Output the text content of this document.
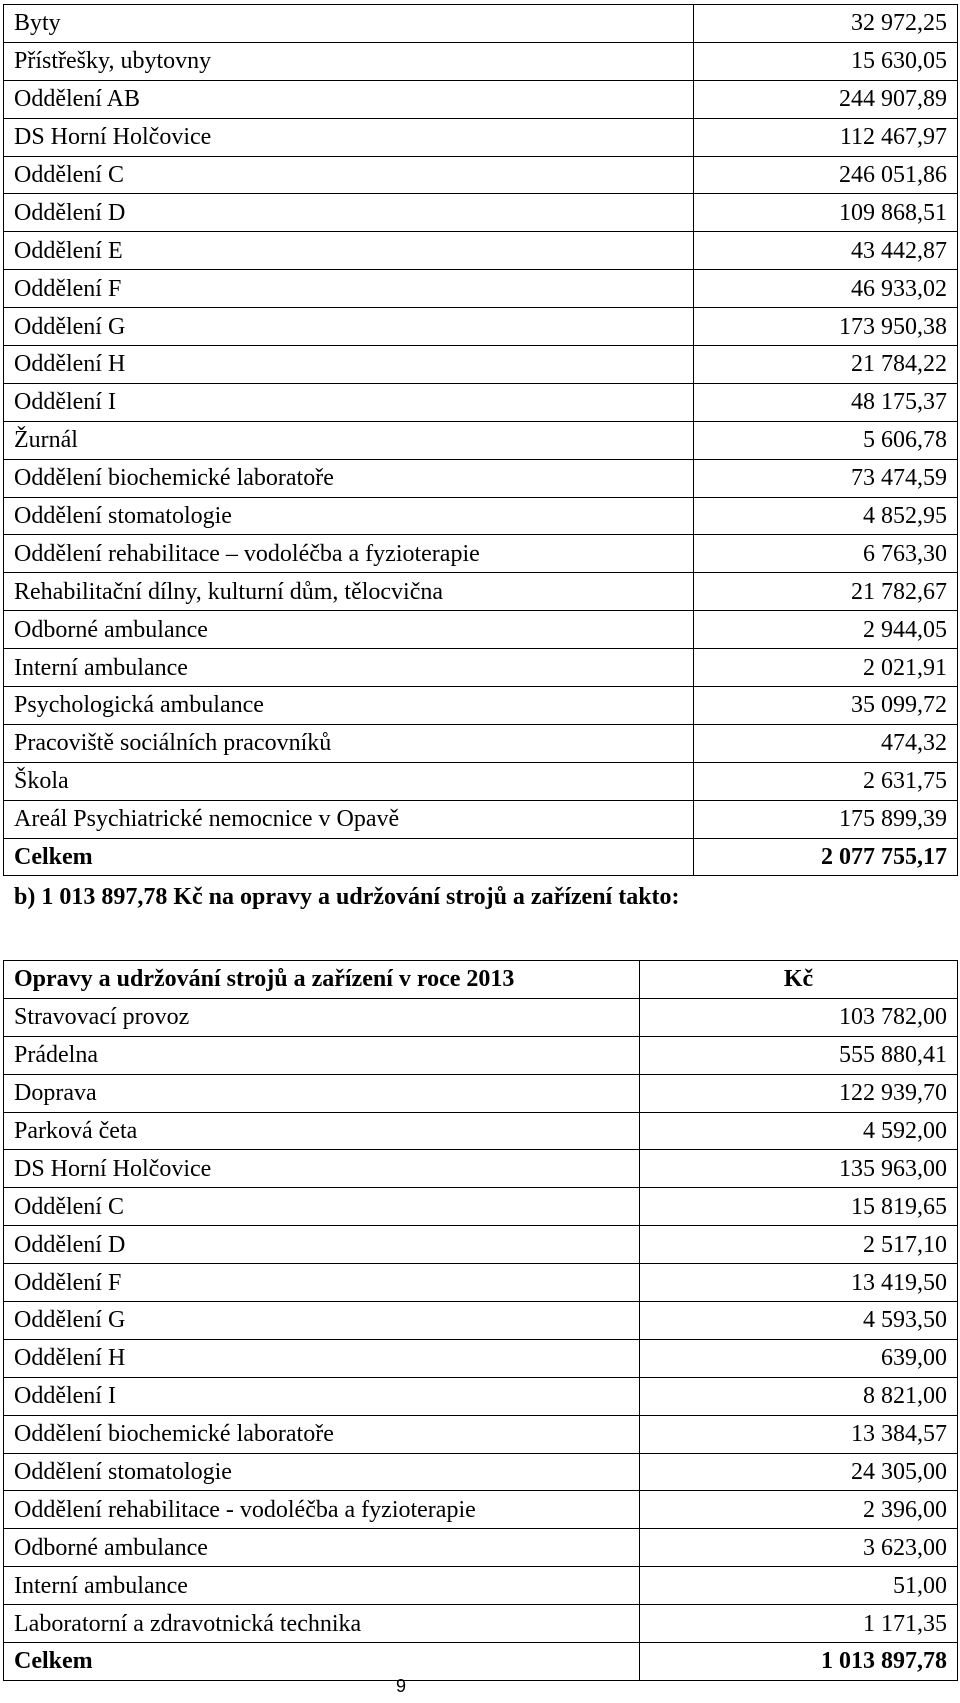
Byty	32 972,25
Přístřešky, ubytovny	15 630,05
Oddělení AB	244 907,89
DS Horní Holčovice	112 467,97
Oddělení C	246 051,86
Oddělení D	109 868,51
Oddělení E	43 442,87
Oddělení F	46 933,02
Oddělení G	173 950,38
Oddělení H	21 784,22
Oddělení I	48 175,37
Žurnál	5 606,78
Oddělení biochemické laboratoře	73 474,59
Oddělení stomatologie	4 852,95
Oddělení rehabilitace – vodoléčba a fyzioterapie	6 763,30
Rehabilitační dílny, kulturní dům, tělocvična	21 782,67
Odborné ambulance	2 944,05
Interní ambulance	2 021,91
Psychologická ambulance	35 099,72
Pracoviště sociálních pracovníků	474,32
Škola	2 631,75
Areál Psychiatrické nemocnice v Opavě	175 899,39
Celkem	2 077 755,17
b) 1 013 897,78 Kč na opravy a udržování strojů a zařízení takto:
Opravy a udržování strojů a zařízení v roce 2013	Kč
Stravovací provoz	103 782,00
Prádelna	555 880,41
Doprava	122 939,70
Parková četa	4 592,00
DS Horní Holčovice	135 963,00
Oddělení C	15 819,65
Oddělení D	2 517,10
Oddělení F	13 419,50
Oddělení G	4 593,50
Oddělení H	639,00
Oddělení I	8 821,00
Oddělení biochemické laboratoře	13 384,57
Oddělení stomatologie	24 305,00
Oddělení rehabilitace - vodoléčba a fyzioterapie	2 396,00
Odborné ambulance	3 623,00
Interní ambulance	51,00
Laboratorní a zdravotnická technika	1 171,35
Celkem	1 013 897,78
9
